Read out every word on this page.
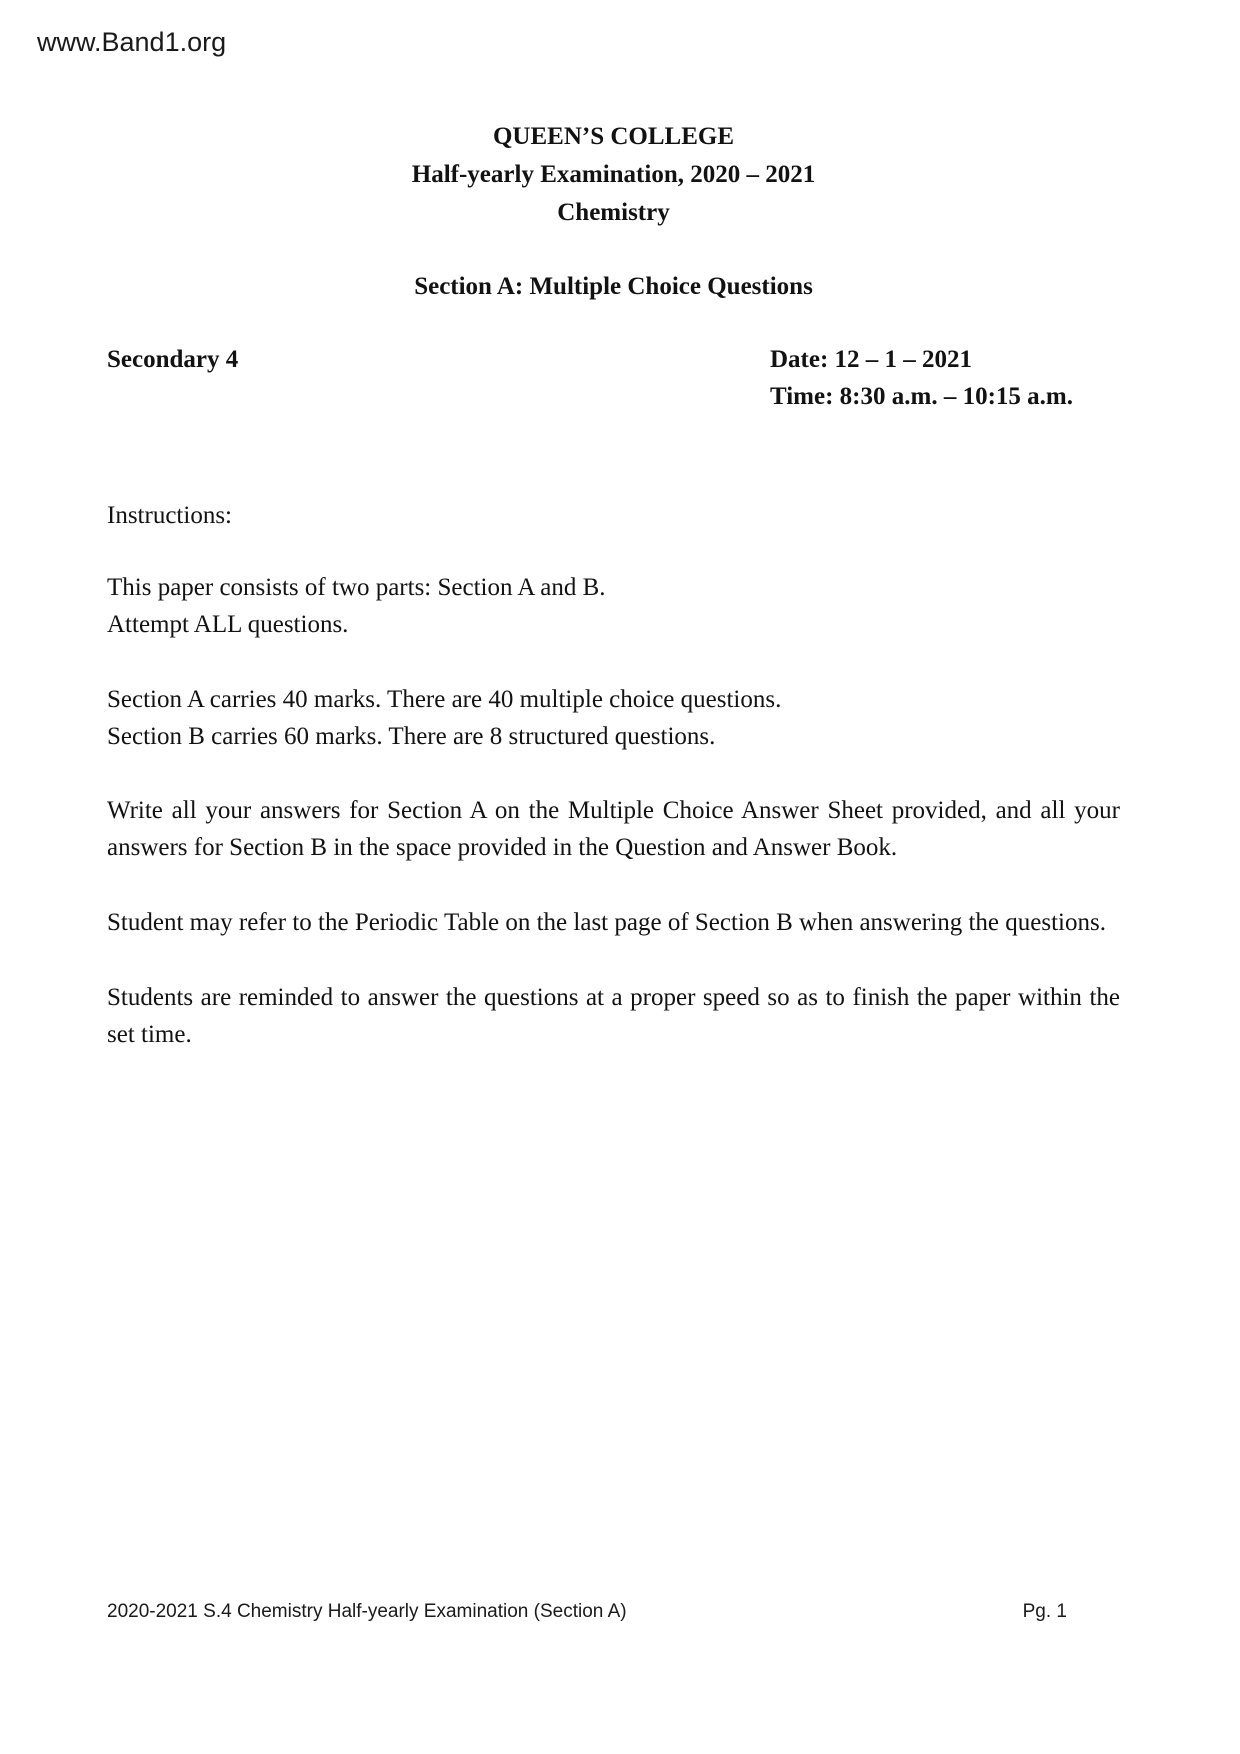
www.Band1.org
QUEEN’S COLLEGE
Half-yearly Examination, 2020 – 2021
Chemistry
Section A: Multiple Choice Questions
Secondary 4	Date: 12 – 1 – 2021
Time: 8:30 a.m. – 10:15 a.m.
Instructions:
This paper consists of two parts: Section A and B.
Attempt ALL questions.
Section A carries 40 marks. There are 40 multiple choice questions.
Section B carries 60 marks. There are 8 structured questions.
Write all your answers for Section A on the Multiple Choice Answer Sheet provided, and all your
answers for Section B in the space provided in the Question and Answer Book.
Student may refer to the Periodic Table on the last page of Section B when answering the questions.
Students are reminded to answer the questions at a proper speed so as to finish the paper within the
set time.
2020-2021 S.4 Chemistry Half-yearly Examination (Section A)	Pg. 1
